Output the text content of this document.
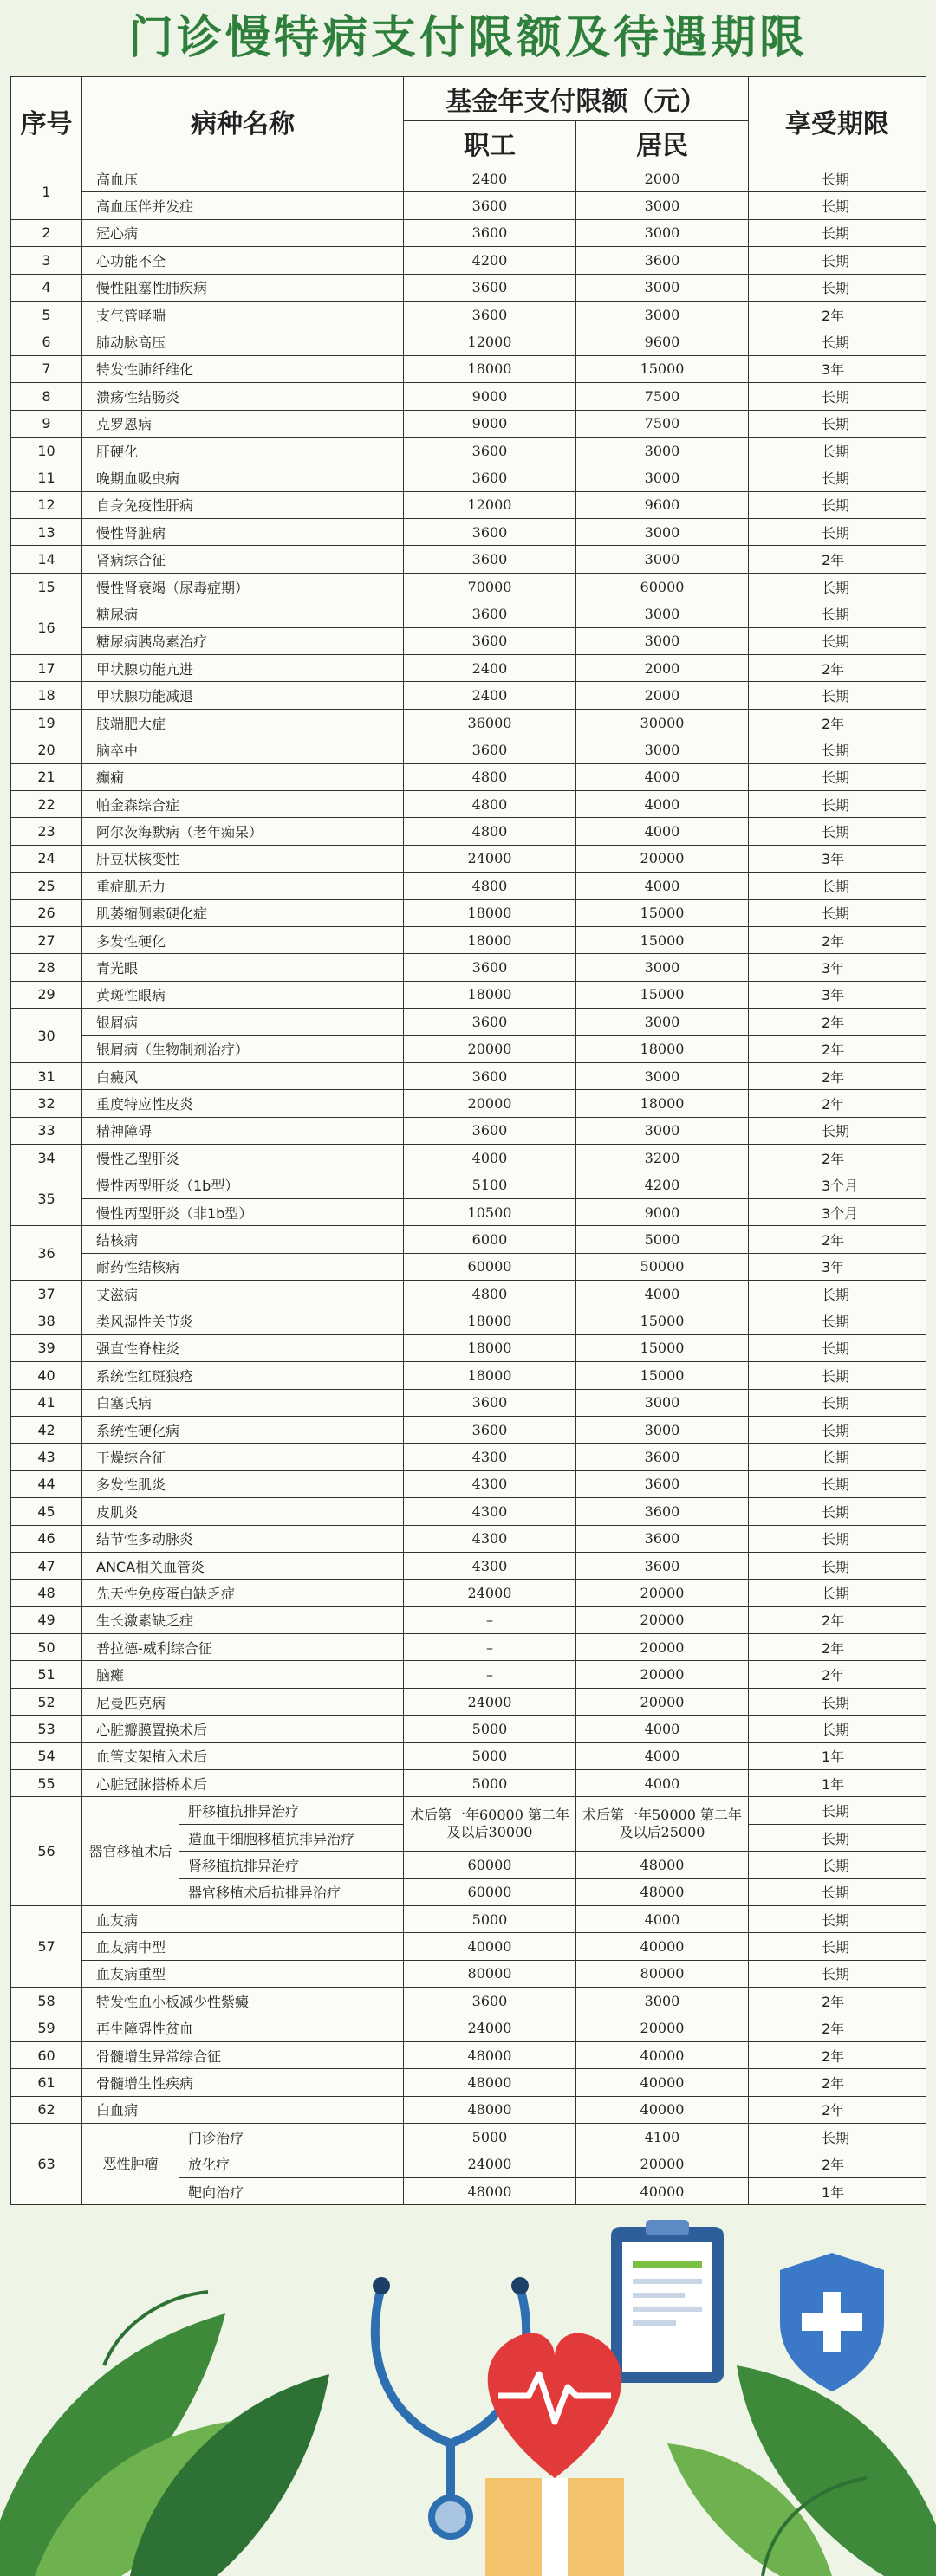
门诊慢特病支付限额及待遇期限
序号	病种名称		基金年支付限额（元）		享受期限
			职工	居民	
1	高血压		2400	2000	长期
	高血压伴并发症		3600	3000	长期
2	冠心病		3600	3000	长期
3	心功能不全		4200	3600	长期
4	慢性阻塞性肺疾病		3600	3000	长期
5	支气管哮喘		3600	3000	2年
6	肺动脉高压		12000	9600	长期
7	特发性肺纤维化		18000	15000	3年
8	溃疡性结肠炎		9000	7500	长期
9	克罗恩病		9000	7500	长期
10	肝硬化		3600	3000	长期
11	晚期血吸虫病		3600	3000	长期
12	自身免疫性肝病		12000	9600	长期
13	慢性肾脏病		3600	3000	长期
14	肾病综合征		3600	3000	2年
15	慢性肾衰竭（尿毒症期）		70000	60000	长期
16	糖尿病		3600	3000	长期
	糖尿病胰岛素治疗		3600	3000	长期
17	甲状腺功能亢进		2400	2000	2年
18	甲状腺功能减退		2400	2000	长期
19	肢端肥大症		36000	30000	2年
20	脑卒中		3600	3000	长期
21	癫痫		4800	4000	长期
22	帕金森综合症		4800	4000	长期
23	阿尔茨海默病（老年痴呆）		4800	4000	长期
24	肝豆状核变性		24000	20000	3年
25	重症肌无力		4800	4000	长期
26	肌萎缩侧索硬化症		18000	15000	长期
27	多发性硬化		18000	15000	2年
28	青光眼		3600	3000	3年
29	黄斑性眼病		18000	15000	3年
30	银屑病		3600	3000	2年
	银屑病（生物制剂治疗）		20000	18000	2年
31	白癜风		3600	3000	2年
32	重度特应性皮炎		20000	18000	2年
33	精神障碍		3600	3000	长期
34	慢性乙型肝炎		4000	3200	2年
35	慢性丙型肝炎（1b型）		5100	4200	3个月
	慢性丙型肝炎（非1b型）		10500	9000	3个月
36	结核病		6000	5000	2年
	耐药性结核病		60000	50000	3年
37	艾滋病		4800	4000	长期
38	类风湿性关节炎		18000	15000	长期
39	强直性脊柱炎		18000	15000	长期
40	系统性红斑狼疮		18000	15000	长期
41	白塞氏病		3600	3000	长期
42	系统性硬化病		3600	3000	长期
43	干燥综合征		4300	3600	长期
44	多发性肌炎		4300	3600	长期
45	皮肌炎		4300	3600	长期
46	结节性多动脉炎		4300	3600	长期
47	ANCA相关血管炎		4300	3600	长期
48	先天性免疫蛋白缺乏症		24000	20000	长期
49	生长激素缺乏症		–	20000	2年
50	普拉德-威利综合征		–	20000	2年
51	脑瘫		–	20000	2年
52	尼曼匹克病		24000	20000	长期
53	心脏瓣膜置换术后		5000	4000	长期
54	血管支架植入术后		5000	4000	1年
55	心脏冠脉搭桥术后		5000	4000	1年
56	器官移植术后	肝移植抗排异治疗	术后第一年60000 第二年及以后30000	术后第一年50000 第二年及以后25000	长期
		造血干细胞移植抗排异治疗			长期
		肾移植抗排异治疗	60000	48000	长期
		器官移植术后抗排异治疗	60000	48000	长期
57	血友病		5000	4000	长期
	血友病中型		40000	40000	长期
	血友病重型		80000	80000	长期
58	特发性血小板减少性紫癜		3600	3000	2年
59	再生障碍性贫血		24000	20000	2年
60	骨髓增生异常综合征		48000	40000	2年
61	骨髓增生性疾病		48000	40000	2年
62	白血病		48000	40000	2年
63	恶性肿瘤	门诊治疗	5000	4100	长期
		放化疗	24000	20000	2年
		靶向治疗	48000	40000	1年
